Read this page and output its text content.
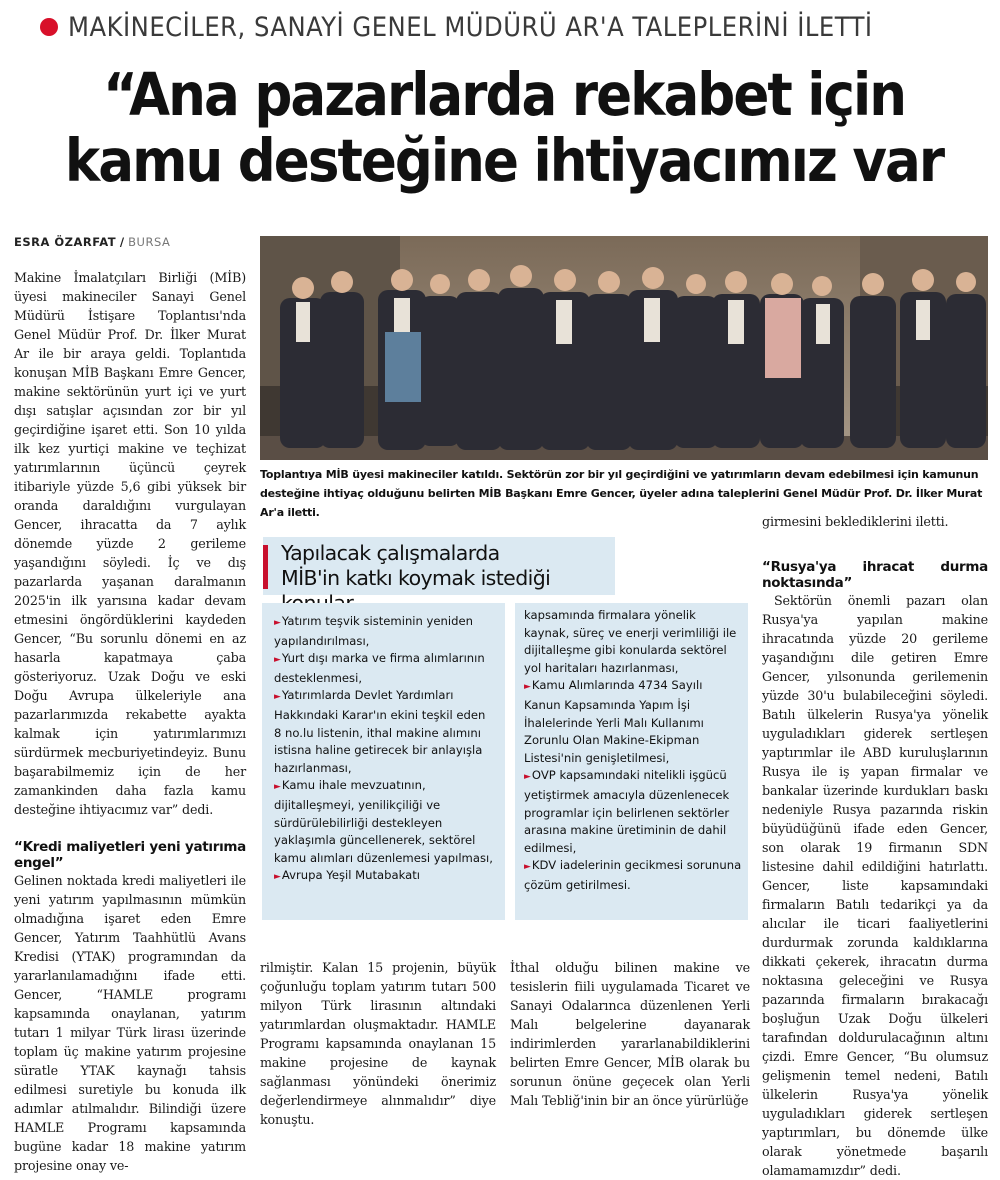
MAKİNECİLER, SANAYİ GENEL MÜDÜRÜ AR'A TALEPLERİNİ İLETTİ
“Ana pazarlarda rekabet için
kamu desteğine ihtiyacımız var
ESRA ÖZARFAT / BURSA

Makine İmalatçıları Birliği (MİB) üyesi makineciler Sanayi Genel Müdürü İstişare Toplantısı'nda Genel Müdür Prof. Dr. İlker Murat Ar ile bir araya geldi. Toplantıda konuşan MİB Başkanı Emre Gencer, makine sektörünün yurt içi ve yurt dışı satışlar açısından zor bir yıl geçirdiğine işaret etti. Son 10 yılda ilk kez yurtiçi makine ve teçhizat yatırımlarının üçüncü çeyrek itibariyle yüzde 5,6 gibi yüksek bir oranda daraldığını vurgulayan Gencer, ihracatta da 7 aylık dönemde yüzde 2 gerileme yaşandığını söyledi. İç ve dış pazarlarda yaşanan daralmanın 2025'in ilk yarısına kadar devam etmesini öngördüklerini kaydeden Gencer, “Bu sorunlu dönemi en az hasarla kapatmaya çaba gösteriyoruz. Uzak Doğu ve eski Doğu Avrupa ülkeleriyle ana pazarlarımızda rekabette ayakta kalmak için yatırımlarımızı sürdürmek mecburiyetindeyiz. Bunu başarabilmemiz için de her zamankinden daha fazla kamu desteğine ihtiyacımız var” dedi.

“Kredi maliyetleri yeni yatırıma engel”

Gelinen noktada kredi maliyetleri ile yeni yatırım yapılmasının mümkün olmadığına işaret eden Emre Gencer, Yatırım Taahhütlü Avans Kredisi (YTAK) programından da yararlanılamadığını ifade etti. Gencer, “HAMLE programı kapsamında onaylanan, yatırım tutarı 1 milyar Türk lirası üzerinde toplam üç makine yatırım projesine süratle YTAK kaynağı tahsis edilmesi suretiyle bu konuda ilk adımlar atılmalıdır. Bilindiği üzere HAMLE Programı kapsamında bugüne kadar 18 makine yatırım projesine onay ve-

Toplantıya MİB üyesi makineciler katıldı. Sektörün zor bir yıl geçirdiğini ve yatırımların devam edebilmesi için kamunun desteğine ihtiyaç olduğunu belirten MİB Başkanı Emre Gencer, üyeler adına taleplerini Genel Müdür Prof. Dr. İlker Murat Ar'a iletti.
Yapılacak çalışmalarda
MİB'in katkı koymak istediği

►Yatırım teşvik sisteminin yeniden yapılandırılması,

►Yurt dışı marka ve firma alımlarının desteklenmesi,

►Yatırımlarda Devlet Yardımları Hakkındaki Karar'ın ekini teşkil eden 8 no.lu listenin, ithal makine alımını istisna haline getirecek bir anlayışla hazırlanması,

►Kamu ihale mevzuatının, dijitalleşmeyi, yenilikçiliği ve sürdürülebilirliği destekleyen yaklaşımla güncellenerek, sektörel kamu alımları düzenlemesi yapılması,

►Avrupa Yeşil Mutabakatı

kapsamında firmalara yönelik kaynak, süreç ve enerji verimliliği ile dijitalleşme gibi konularda sektörel yol haritaları hazırlanması,

►Kamu Alımlarında 4734 Sayılı Kanun Kapsamında Yapım İşi İhalelerinde Yerli Malı Kullanımı Zorunlu Olan Makine-Ekipman Listesi'nin genişletilmesi,

►OVP kapsamındaki nitelikli işgücü yetiştirmek amacıyla düzenlenecek programlar için belirlenen sektörler arasına makine üretiminin de dahil edilmesi,

►KDV iadelerinin gecikmesi sorununa çözüm getirilmesi.

rilmiştir. Kalan 15 projenin, büyük çoğunluğu toplam yatırım tutarı 500 milyon Türk lirasının altındaki yatırımlardan oluşmaktadır. HAMLE Programı kapsamında onaylanan 15 makine projesine de kaynak sağlanması yönündeki önerimiz değerlendirmeye alınmalıdır” diye konuştu.

İthal olduğu bilinen makine ve tesislerin fiili uygulamada Ticaret ve Sanayi Odalarınca düzenlenen Yerli Malı belgelerine dayanarak indirimlerden yararlanabildiklerini belirten Emre Gencer, MİB olarak bu sorunun önüne geçecek olan Yerli Malı Tebliğ'inin bir an önce yürürlüğe

girmesini beklediklerini iletti.

“Rusya'ya ihracat durma noktasında”

Sektörün önemli pazarı olan Rusya'ya yapılan makine ihracatında yüzde 20 gerileme yaşandığını dile getiren Emre Gencer, yılsonunda gerilemenin yüzde 30'u bulabileceğini söyledi. Batılı ülkelerin Rusya'ya yönelik uyguladıkları giderek sertleşen yaptırımlar ile ABD kuruluşlarının Rusya ile iş yapan firmalar ve bankalar üzerinde kurdukları baskı nedeniyle Rusya pazarında riskin büyüdüğünü ifade eden Gencer, son olarak 19 firmanın SDN listesine dahil edildiğini hatırlattı. Gencer, liste kapsamındaki firmaların Batılı tedarikçi ya da alıcılar ile ticari faaliyetlerini durdurmak zorunda kaldıklarına dikkati çekerek, ihracatın durma noktasına geleceğini ve Rusya pazarında firmaların bırakacağı boşluğun Uzak Doğu ülkeleri tarafından doldurulacağının altını çizdi. Emre Gencer, “Bu olumsuz gelişmenin temel nedeni, Batılı ülkelerin Rusya'ya yönelik uyguladıkları giderek sertleşen yaptırımları, bu dönemde ülke olarak yönetmede başarılı olamamamızdır” dedi.
